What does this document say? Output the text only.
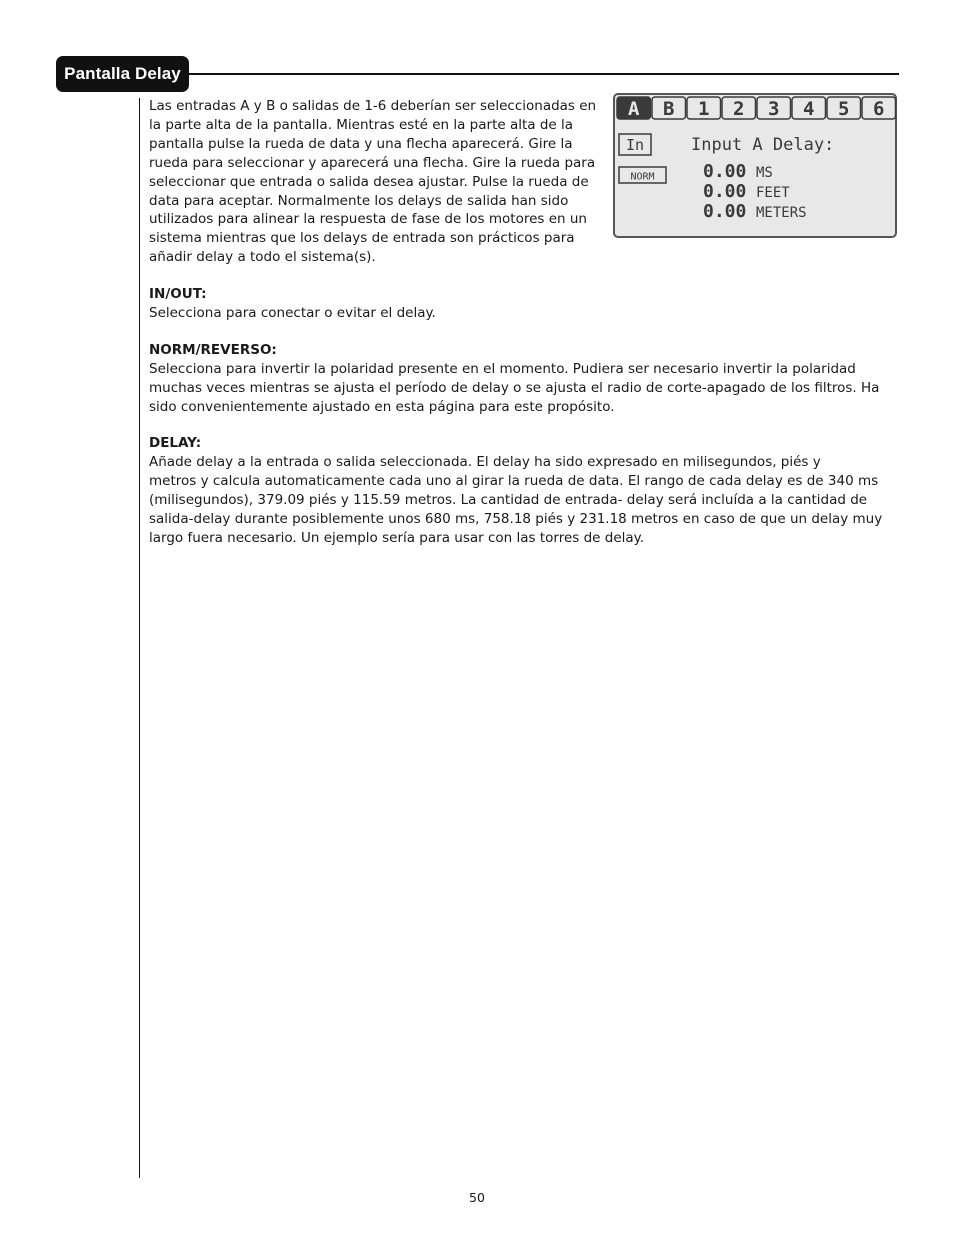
Pantalla Delay

Las entradas A y B o salidas de 1-6 deberían ser seleccionadas en la parte alta de la pantalla. Mientras esté en la parte alta de la pantalla pulse la rueda de data y una flecha aparecerá. Gire la rueda para seleccionar y aparecerá una flecha. Gire la rueda para seleccionar que entrada o salida desea ajustar. Pulse la rueda de data para aceptar. Normalmente los delays de salida han sido utilizados para alinear la respuesta de fase de los motores en un sistema mientras que los delays de entrada son prácticos para añadir delay a todo el sistema(s).

A B 1 2 3 4 5 6
In
NORM
Input A Delay:
0.00 MS
0.00 FEET
0.00 METERS
IN/OUT:

Selecciona para conectar o evitar el delay.

NORM/REVERSO:

Selecciona para invertir la polaridad presente en el momento. Pudiera ser necesario invertir la polaridad muchas veces mientras se ajusta el período de delay o se ajusta el radio de corte-apagado de los filtros. Ha sido convenientemente ajustado en esta página para este propósito.

DELAY:

Añade delay a la entrada o salida seleccionada. El delay ha sido expresado en milisegundos, piés y
metros y calcula automaticamente cada uno al girar la rueda de data. El rango de cada delay es de 340 ms (milisegundos), 379.09 piés y 115.59 metros. La cantidad de entrada- delay será incluída a la cantidad de salida-delay durante posiblemente unos 680 ms, 758.18 piés y 231.18 metros en caso de que un delay muy largo fuera necesario. Un ejemplo sería para usar con las torres de delay.

50
